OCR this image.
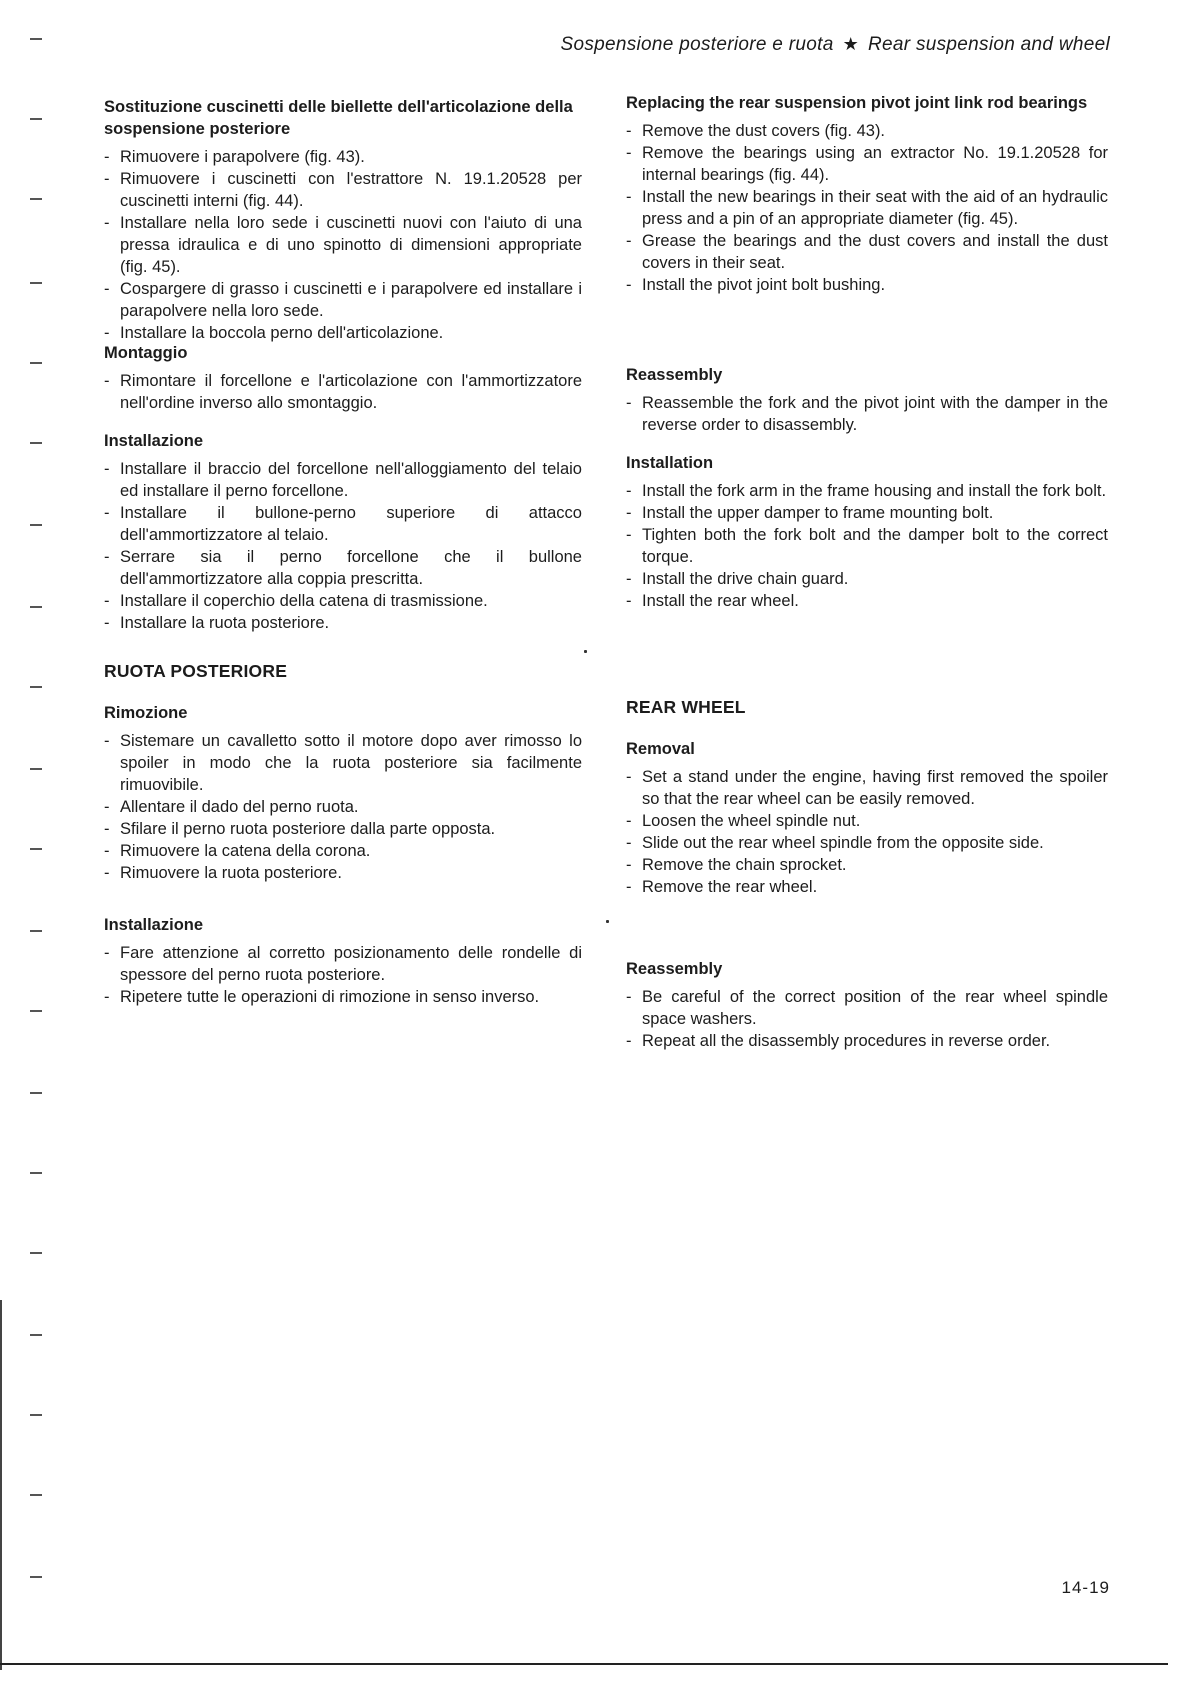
Sospensione posteriore e ruota ★ Rear suspension and wheel
Sostituzione cuscinetti delle biellette dell'articolazione della sospensione posteriore
- Rimuovere i parapolvere (fig. 43).
- Rimuovere i cuscinetti con l'estrattore N. 19.1.20528 per cuscinetti interni (fig. 44).
- Installare nella loro sede i cuscinetti nuovi con l'aiuto di una pressa idraulica e di uno spinotto di dimensioni appropriate (fig. 45).
- Cospargere di grasso i cuscinetti e i parapolvere ed installare i parapolvere nella loro sede.
- Installare la boccola perno dell'articolazione.
Montaggio
- Rimontare il forcellone e l'articolazione con l'ammortizzatore nell'ordine inverso allo smontaggio.
Installazione
- Installare il braccio del forcellone nell'alloggiamento del telaio ed installare il perno forcellone.
- Installare il bullone-perno superiore di attacco dell'ammortizzatore al telaio.
- Serrare sia il perno forcellone che il bullone dell'ammortizzatore alla coppia prescritta.
- Installare il coperchio della catena di trasmissione.
- Installare la ruota posteriore.
RUOTA POSTERIORE
Rimozione
- Sistemare un cavalletto sotto il motore dopo aver rimosso lo spoiler in modo che la ruota posteriore sia facilmente rimuovibile.
- Allentare il dado del perno ruota.
- Sfilare il perno ruota posteriore dalla parte opposta.
- Rimuovere la catena della corona.
- Rimuovere la ruota posteriore.
Installazione
- Fare attenzione al corretto posizionamento delle rondelle di spessore del perno ruota posteriore.
- Ripetere tutte le operazioni di rimozione in senso inverso.
Replacing the rear suspension pivot joint link rod bearings
- Remove the dust covers (fig. 43).
- Remove the bearings using an extractor No. 19.1.20528 for internal bearings (fig. 44).
- Install the new bearings in their seat with the aid of an hydraulic press and a pin of an appropriate diameter (fig. 45).
- Grease the bearings and the dust covers and install the dust covers in their seat.
- Install the pivot joint bolt bushing.
Reassembly
- Reassemble the fork and the pivot joint with the damper in the reverse order to disassembly.
Installation
- Install the fork arm in the frame housing and install the fork bolt.
- Install the upper damper to frame mounting bolt.
- Tighten both the fork bolt and the damper bolt to the correct torque.
- Install the drive chain guard.
- Install the rear wheel.
REAR WHEEL
Removal
- Set a stand under the engine, having first removed the spoiler so that the rear wheel can be easily removed.
- Loosen the wheel spindle nut.
- Slide out the rear wheel spindle from the opposite side.
- Remove the chain sprocket.
- Remove the rear wheel.
Reassembly
- Be careful of the correct position of the rear wheel spindle space washers.
- Repeat all the disassembly procedures in reverse order.
14-19
